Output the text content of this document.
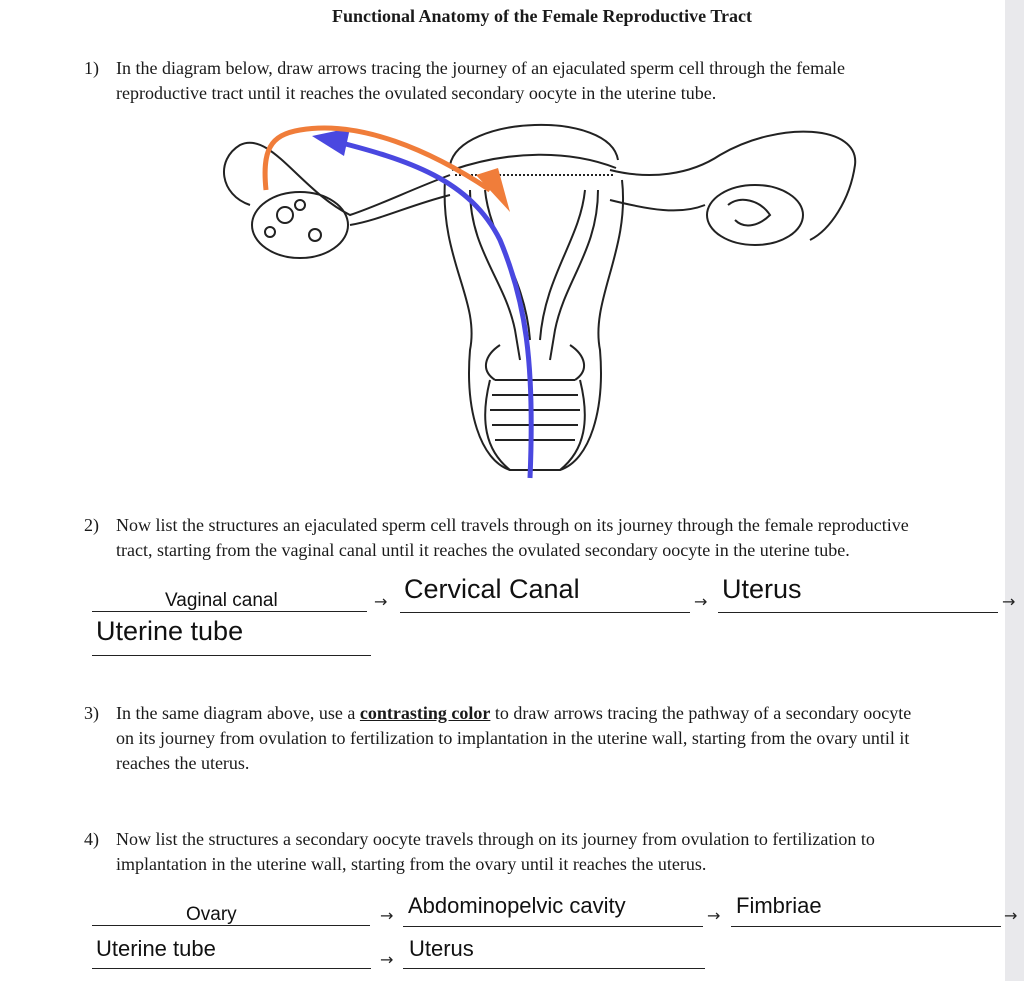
Functional Anatomy of the Female Reproductive Tract
1) In the diagram below, draw arrows tracing the journey of an ejaculated sperm cell through the female
reproductive tract until it reaches the ovulated secondary oocyte in the uterine tube.
2) Now list the structures an ejaculated sperm cell travels through on its journey through the female reproductive
tract, starting from the vaginal canal until it reaches the ovulated secondary oocyte in the uterine tube.
Vaginal canal	→ Cervical Canal	→ Uterus	→
Uterine tube
3) In the same diagram above, use a contrasting color to draw arrows tracing the pathway of a secondary oocyte
on its journey from ovulation to fertilization to implantation in the uterine wall, starting from the ovary until it
reaches the uterus.
4) Now list the structures a secondary oocyte travels through on its journey from ovulation to fertilization to
implantation in the uterine wall, starting from the ovary until it reaches the uterus.
Ovary	→ Abdominopelvic cavity	→ Fimbriae	→
Uterine tube	→ Uterus
